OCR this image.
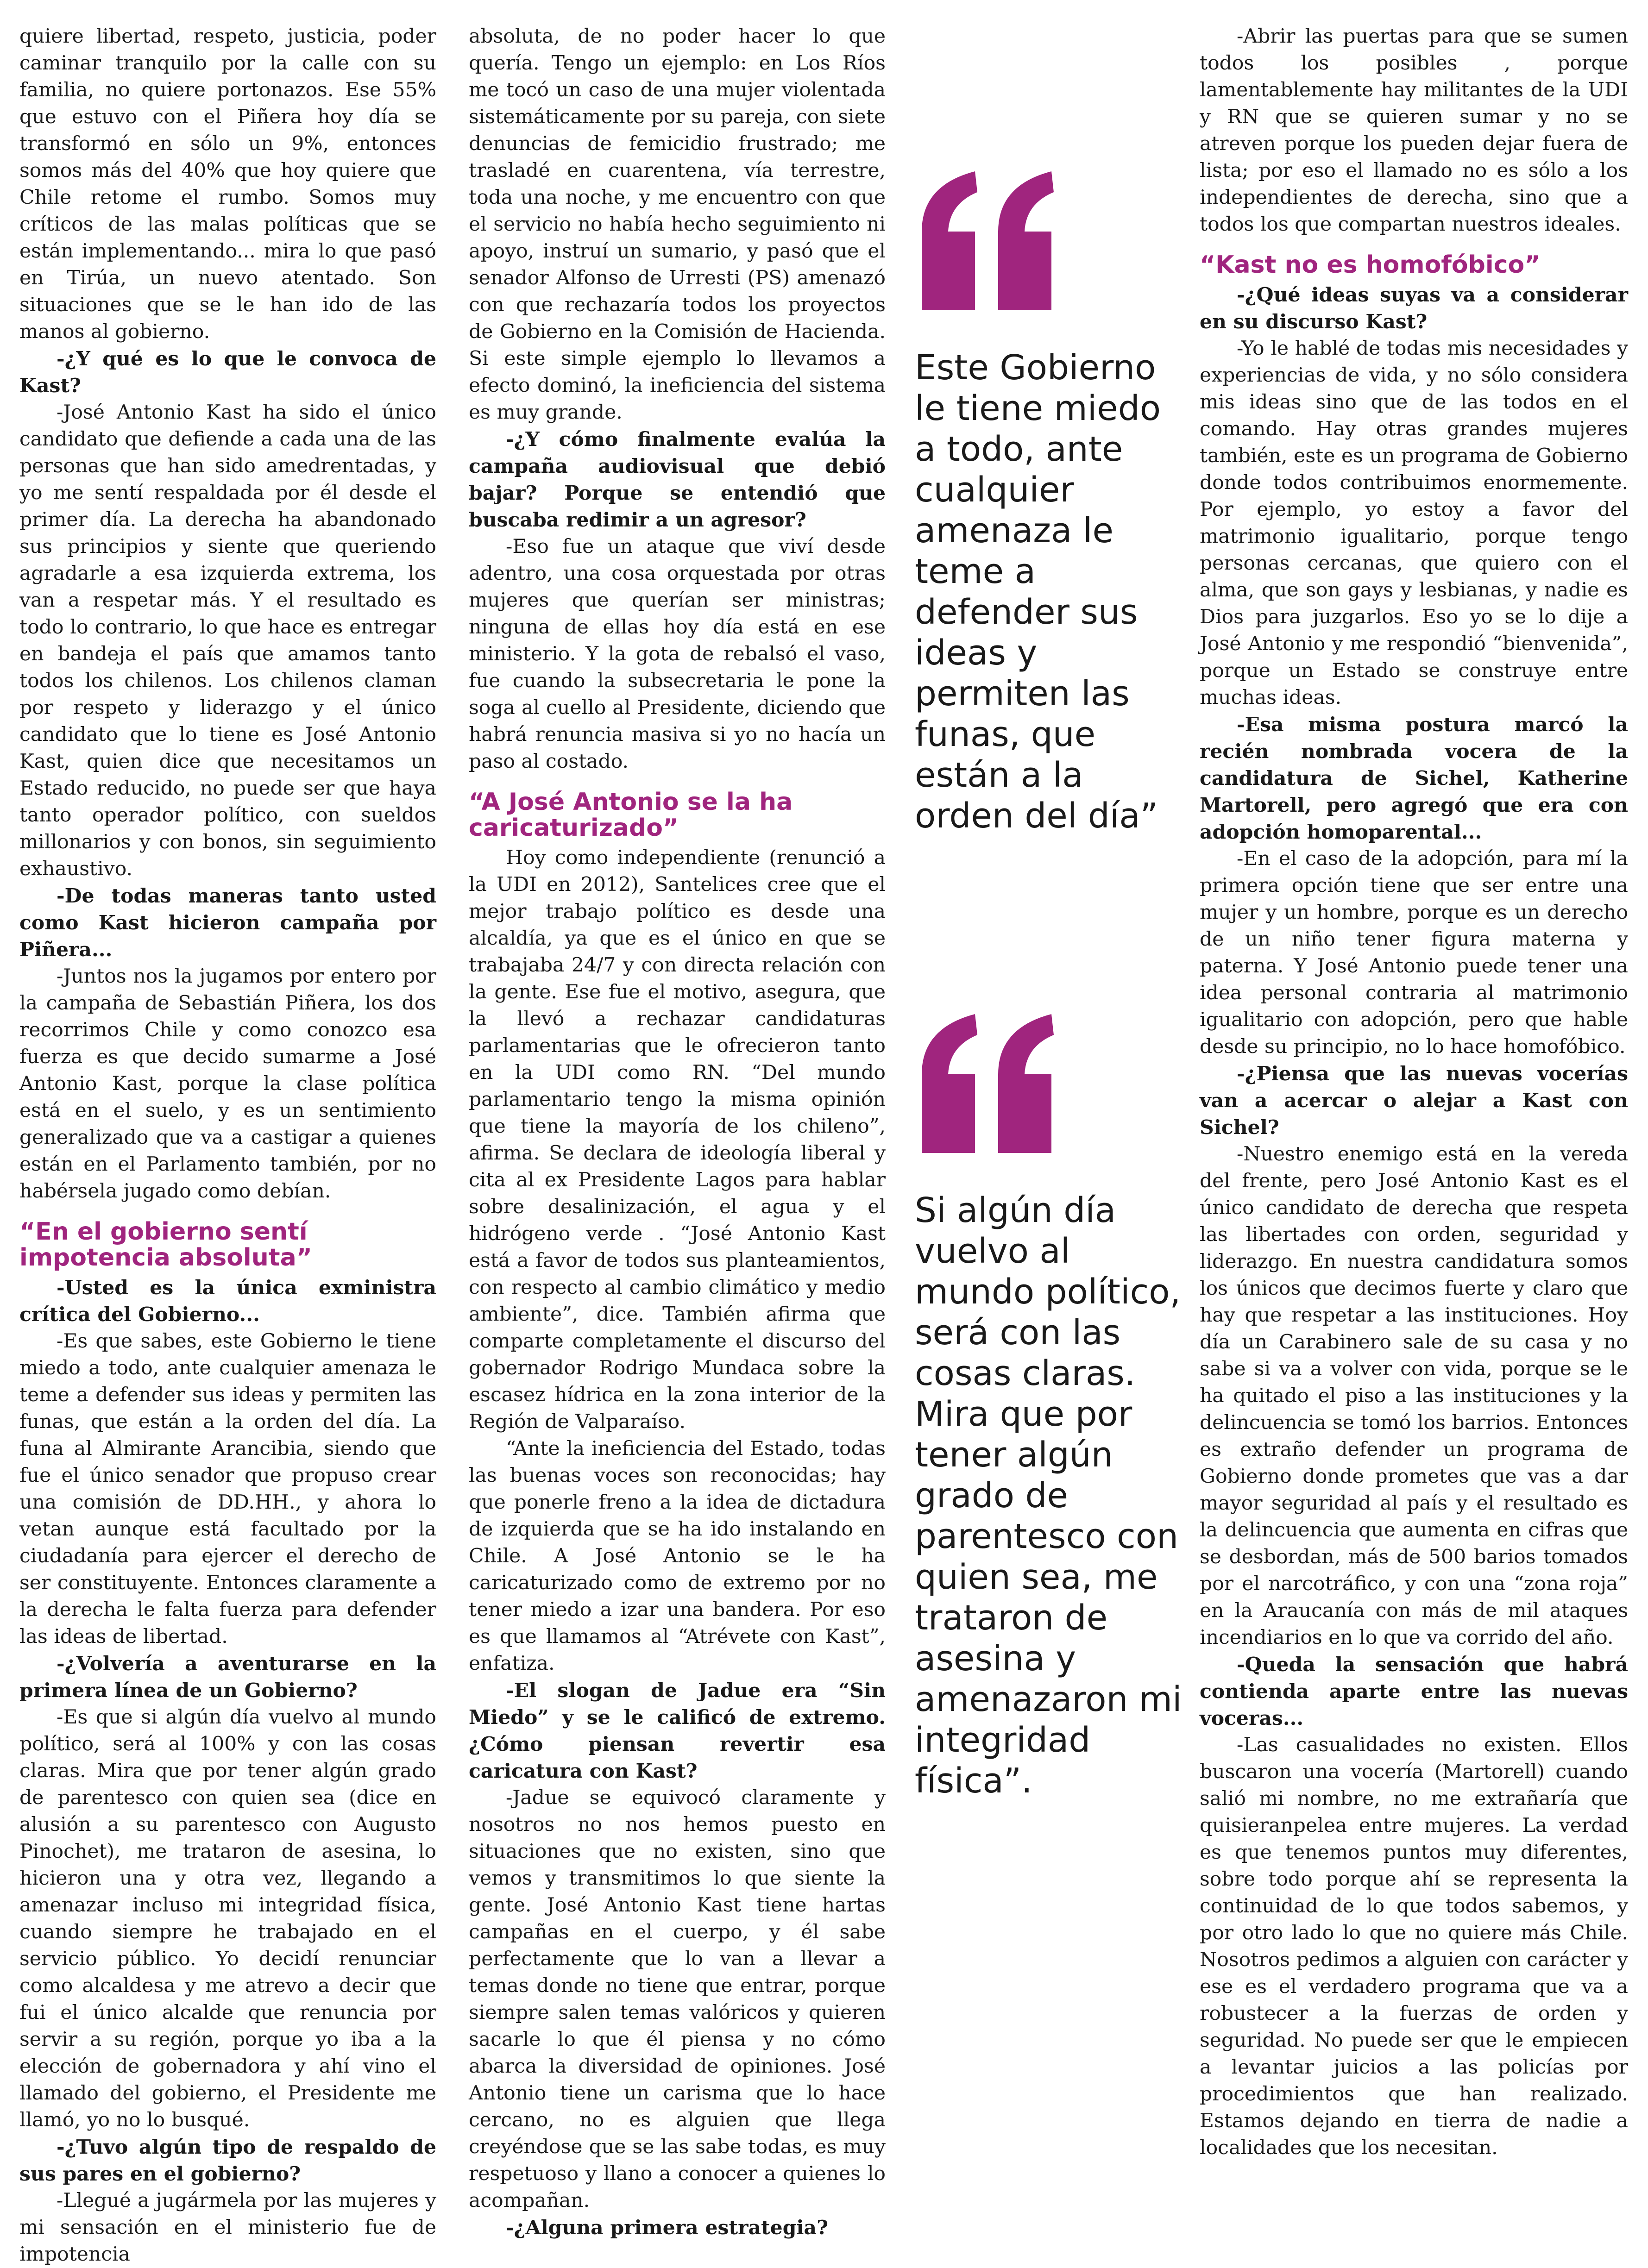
quiere libertad, respeto, justicia, poder caminar tranquilo por la calle con su familia, no quiere portonazos. Ese 55% que estuvo con el Piñera hoy día se transformó en sólo un 9%, entonces somos más del 40% que hoy quiere que Chile retome el rumbo. Somos muy críticos de las malas políticas que se están implementando... mira lo que pasó en Tirúa, un nuevo atentado. Son situaciones que se le han ido de las manos al gobierno.

-¿Y qué es lo que le convoca de Kast?

-José Antonio Kast ha sido el único candidato que defiende a cada una de las personas que han sido amedrentadas, y yo me sentí respaldada por él desde el primer día. La derecha ha abandonado sus principios y siente que queriendo agradarle a esa izquierda extrema, los van a respetar más. Y el resultado es todo lo contrario, lo que hace es entregar en bandeja el país que amamos tanto todos los chilenos. Los chilenos claman por respeto y liderazgo y el único candidato que lo tiene es José Antonio Kast, quien dice que necesitamos un Estado reducido, no puede ser que haya tanto operador político, con sueldos millonarios y con bonos, sin seguimiento exhaustivo.

-De todas maneras tanto usted como Kast hicieron campaña por Piñera...

-Juntos nos la jugamos por entero por la campaña de Sebastián Piñera, los dos recorrimos Chile y como conozco esa fuerza es que decido sumarme a José Antonio Kast, porque la clase política está en el suelo, y es un sentimiento generalizado que va a castigar a quienes están en el Parlamento también, por no habérsela jugado como debían.

“En el gobierno sentí impotencia absoluta”

-Usted es la única exministra crítica del Gobierno...

-Es que sabes, este Gobierno le tiene miedo a todo, ante cualquier amenaza le teme a defender sus ideas y permiten las funas, que están a la orden del día. La funa al Almirante Arancibia, siendo que fue el único senador que propuso crear una comisión de DD.HH., y ahora lo vetan aunque está facultado por la ciudadanía para ejercer el derecho de ser constituyente. Entonces claramente a la derecha le falta fuerza para defender las ideas de libertad.

-¿Volvería a aventurarse en la primera línea de un Gobierno?

-Es que si algún día vuelvo al mundo político, será al 100% y con las cosas claras. Mira que por tener algún grado de parentesco con quien sea (dice en alusión a su parentesco con Augusto Pinochet), me trataron de asesina, lo hicieron una y otra vez, llegando a amenazar incluso mi integridad física, cuando siempre he trabajado en el servicio público. Yo decidí renunciar como alcaldesa y me atrevo a decir que fui el único alcalde que renuncia por servir a su región, porque yo iba a la elección de gobernadora y ahí vino el llamado del gobierno, el Presidente me llamó, yo no lo busqué.

-¿Tuvo algún tipo de respaldo de sus pares en el gobierno?

-Llegué a jugármela por las mujeres y mi sensación en el ministerio fue de impotencia

absoluta, de no poder hacer lo que quería. Tengo un ejemplo: en Los Ríos me tocó un caso de una mujer violentada sistemáticamente por su pareja, con siete denuncias de femicidio frustrado; me trasladé en cuarentena, vía terrestre, toda una noche, y me encuentro con que el servicio no había hecho seguimiento ni apoyo, instruí un sumario, y pasó que el senador Alfonso de Urresti (PS) amenazó con que rechazaría todos los proyectos de Gobierno en la Comisión de Hacienda. Si este simple ejemplo lo llevamos a efecto dominó, la ineficiencia del sistema es muy grande.

-¿Y cómo finalmente evalúa la campaña audiovisual que debió bajar? Porque se entendió que buscaba redimir a un agresor?

-Eso fue un ataque que viví desde adentro, una cosa orquestada por otras mujeres que querían ser ministras; ninguna de ellas hoy día está en ese ministerio. Y la gota de rebalsó el vaso, fue cuando la subsecretaria le pone la soga al cuello al Presidente, diciendo que habrá renuncia masiva si yo no hacía un paso al costado.

“A José Antonio se la ha caricaturizado”

Hoy como independiente (renunció a la UDI en 2012), Santelices cree que el mejor trabajo político es desde una alcaldía, ya que es el único en que se trabajaba 24/7 y con directa relación con la gente. Ese fue el motivo, asegura, que la llevó a rechazar candidaturas parlamentarias que le ofrecieron tanto en la UDI como RN. “Del mundo parlamentario tengo la misma opinión que tiene la mayoría de los chileno”, afirma. Se declara de ideología liberal y cita al ex Presidente Lagos para hablar sobre desalinización, el agua y el hidrógeno verde . “José Antonio Kast está a favor de todos sus planteamientos, con respecto al cambio climático y medio ambiente”, dice. También afirma que comparte completamente el discurso del gobernador Rodrigo Mundaca sobre la escasez hídrica en la zona interior de la Región de Valparaíso.

“Ante la ineficiencia del Estado, todas las buenas voces son reconocidas; hay que ponerle freno a la idea de dictadura de izquierda que se ha ido instalando en Chile. A José Antonio se le ha caricaturizado como de extremo por no tener miedo a izar una bandera. Por eso es que llamamos al “Atrévete con Kast”, enfatiza.

-El slogan de Jadue era “Sin Miedo” y se le calificó de extremo. ¿Cómo piensan revertir esa caricatura con Kast?

-Jadue se equivocó claramente y nosotros no nos hemos puesto en situaciones que no existen, sino que vemos y transmitimos lo que siente la gente. José Antonio Kast tiene hartas campañas en el cuerpo, y él sabe perfectamente que lo van a llevar a temas donde no tiene que entrar, porque siempre salen temas valóricos y quieren sacarle lo que él piensa y no cómo abarca la diversidad de opiniones. José Antonio tiene un carisma que lo hace cercano, no es alguien que llega creyéndose que se las sabe todas, es muy respetuoso y llano a conocer a quienes lo acompañan.

-¿Alguna primera estrategia?

Este Gobierno le tiene miedo a todo, ante cualquier amenaza le teme a defender sus ideas y permiten las funas, que están a la orden del día”

Si algún día vuelvo al mundo político, será con las cosas claras. Mira que por tener algún grado de parentesco con quien sea, me trataron de asesina y amenazaron mi integridad física”.

-Abrir las puertas para que se sumen todos los posibles , porque lamentablemente hay militantes de la UDI y RN que se quieren sumar y no se atreven porque los pueden dejar fuera de lista; por eso el llamado no es sólo a los independientes de derecha, sino que a todos los que compartan nuestros ideales.

“Kast no es homofóbico”

-¿Qué ideas suyas va a considerar en su discurso Kast?

-Yo le hablé de todas mis necesidades y experiencias de vida, y no sólo considera mis ideas sino que de las todos en el comando. Hay otras grandes mujeres también, este es un programa de Gobierno donde todos contribuimos enormemente. Por ejemplo, yo estoy a favor del matrimonio igualitario, porque tengo personas cercanas, que quiero con el alma, que son gays y lesbianas, y nadie es Dios para juzgarlos. Eso yo se lo dije a José Antonio y me respondió “bienvenida”, porque un Estado se construye entre muchas ideas.

-Esa misma postura marcó la recién nombrada vocera de la candidatura de Sichel, Katherine Martorell, pero agregó que era con adopción homoparental...

-En el caso de la adopción, para mí la primera opción tiene que ser entre una mujer y un hombre, porque es un derecho de un niño tener figura materna y paterna. Y José Antonio puede tener una idea personal contraria al matrimonio igualitario con adopción, pero que hable desde su principio, no lo hace homofóbico.

-¿Piensa que las nuevas vocerías van a acercar o alejar a Kast con Sichel?

-Nuestro enemigo está en la vereda del frente, pero José Antonio Kast es el único candidato de derecha que respeta las libertades con orden, seguridad y liderazgo. En nuestra candidatura somos los únicos que decimos fuerte y claro que hay que respetar a las instituciones. Hoy día un Carabinero sale de su casa y no sabe si va a volver con vida, porque se le ha quitado el piso a las instituciones y la delincuencia se tomó los barrios. Entonces es extraño defender un programa de Gobierno donde prometes que vas a dar mayor seguridad al país y el resultado es la delincuencia que aumenta en cifras que se desbordan, más de 500 barios tomados por el narcotráfico, y con una “zona roja” en la Araucanía con más de mil ataques incendiarios en lo que va corrido del año.

-Queda la sensación que habrá contienda aparte entre las nuevas voceras...

-Las casualidades no existen. Ellos buscaron una vocería (Martorell) cuando salió mi nombre, no me extrañaría que quisieranpelea entre mujeres. La verdad es que tenemos puntos muy diferentes, sobre todo porque ahí se representa la continuidad de lo que todos sabemos, y por otro lado lo que no quiere más Chile. Nosotros pedimos a alguien con carácter y ese es el verdadero programa que va a robustecer a la fuerzas de orden y seguridad. No puede ser que le empiecen a levantar juicios a las policías por procedimientos que han realizado. Estamos dejando en tierra de nadie a localidades que los necesitan.
